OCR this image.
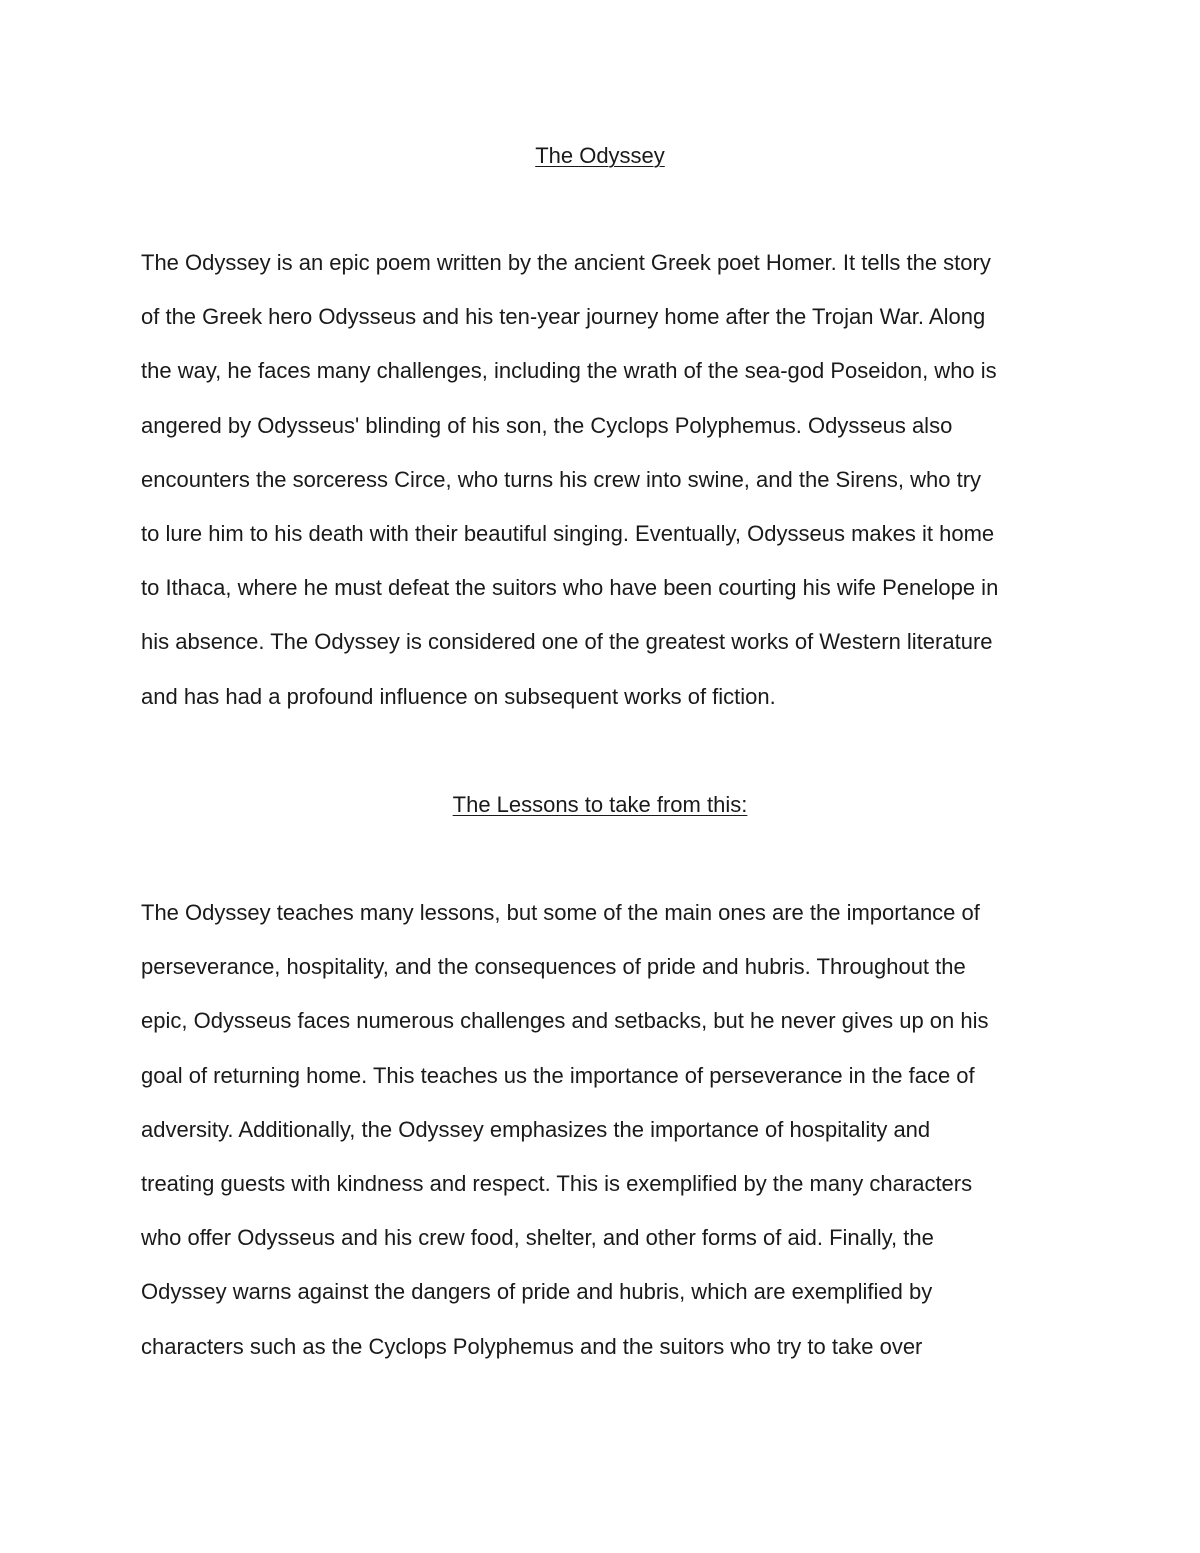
The Odyssey
The Odyssey is an epic poem written by the ancient Greek poet Homer. It tells the story
of the Greek hero Odysseus and his ten-year journey home after the Trojan War. Along
the way, he faces many challenges, including the wrath of the sea-god Poseidon, who is
angered by Odysseus' blinding of his son, the Cyclops Polyphemus. Odysseus also
encounters the sorceress Circe, who turns his crew into swine, and the Sirens, who try
to lure him to his death with their beautiful singing. Eventually, Odysseus makes it home
to Ithaca, where he must defeat the suitors who have been courting his wife Penelope in
his absence. The Odyssey is considered one of the greatest works of Western literature
and has had a profound influence on subsequent works of fiction.
The Lessons to take from this:
The Odyssey teaches many lessons, but some of the main ones are the importance of
perseverance, hospitality, and the consequences of pride and hubris. Throughout the
epic, Odysseus faces numerous challenges and setbacks, but he never gives up on his
goal of returning home. This teaches us the importance of perseverance in the face of
adversity. Additionally, the Odyssey emphasizes the importance of hospitality and
treating guests with kindness and respect. This is exemplified by the many characters
who offer Odysseus and his crew food, shelter, and other forms of aid. Finally, the
Odyssey warns against the dangers of pride and hubris, which are exemplified by
characters such as the Cyclops Polyphemus and the suitors who try to take over
